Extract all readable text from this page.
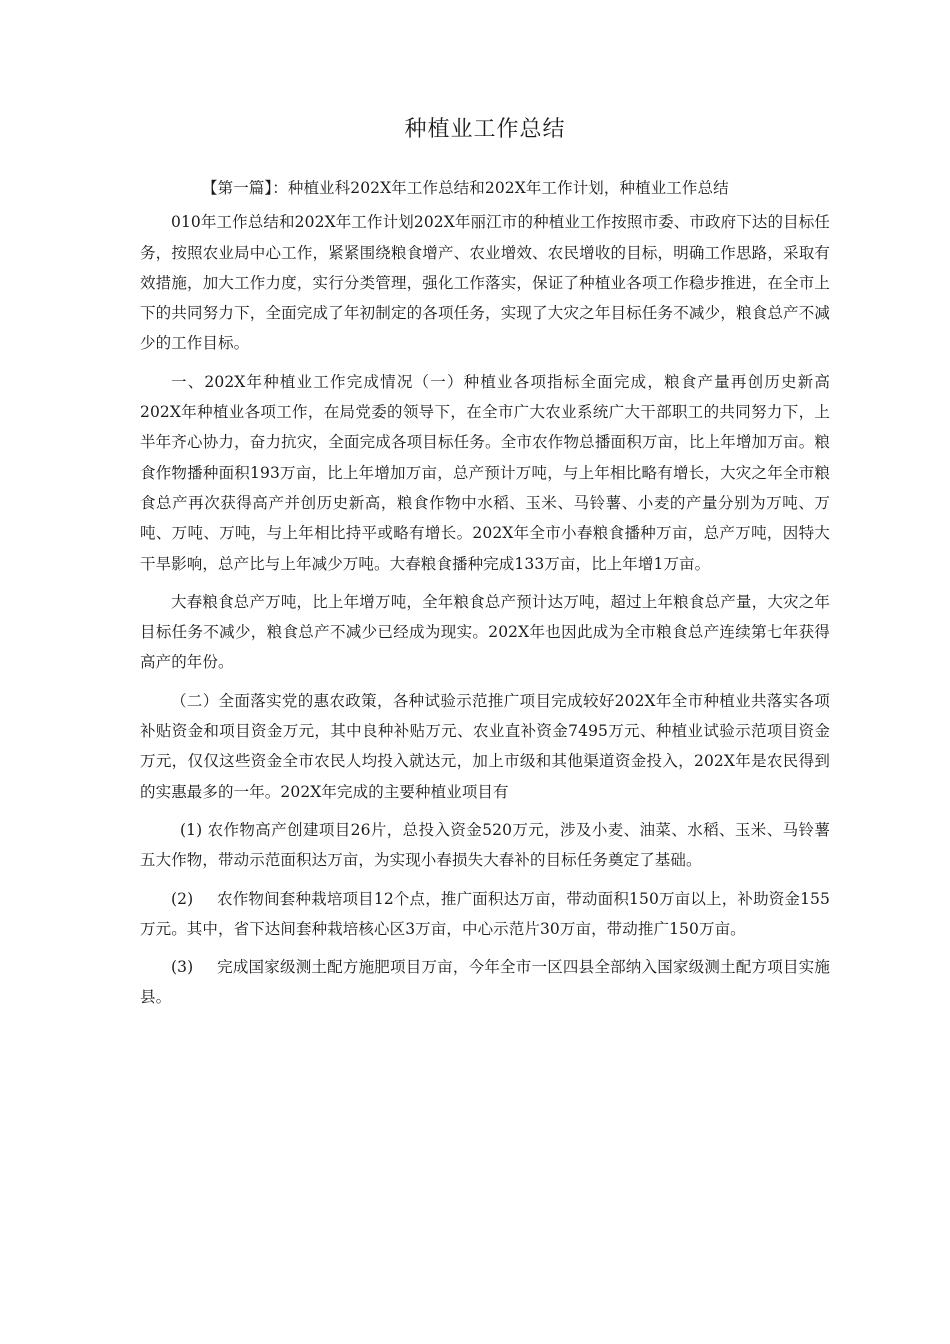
种植业工作总结

【第一篇】：种植业科202X年工作总结和202X年工作计划，种植业工作总结

010年工作总结和202X年工作计划202X年丽江市的种植业工作按照市委、市政府下达的目标任务，按照农业局中心工作，紧紧围绕粮食增产、农业增效、农民增收的目标，明确工作思路，采取有效措施，加大工作力度，实行分类管理，强化工作落实，保证了种植业各项工作稳步推进，在全市上下的共同努力下，全面完成了年初制定的各项任务，实现了大灾之年目标任务不减少，粮食总产不减少的工作目标。

一、202X年种植业工作完成情况（一）种植业各项指标全面完成，粮食产量再创历史新高202X年种植业各项工作，在局党委的领导下，在全市广大农业系统广大干部职工的共同努力下，上半年齐心协力，奋力抗灾，全面完成各项目标任务。全市农作物总播面积万亩，比上年增加万亩。粮食作物播种面积193万亩，比上年增加万亩，总产预计万吨，与上年相比略有增长，大灾之年全市粮食总产再次获得高产并创历史新高，粮食作物中水稻、玉米、马铃薯、小麦的产量分别为万吨、万吨、万吨、万吨，与上年相比持平或略有增长。202X年全市小春粮食播种万亩，总产万吨，因特大干旱影响，总产比与上年减少万吨。大春粮食播种完成133万亩，比上年增1万亩。

大春粮食总产万吨，比上年增万吨，全年粮食总产预计达万吨，超过上年粮食总产量，大灾之年目标任务不减少，粮食总产不减少已经成为现实。202X年也因此成为全市粮食总产连续第七年获得高产的年份。

（二）全面落实党的惠农政策，各种试验示范推广项目完成较好202X年全市种植业共落实各项补贴资金和项目资金万元，其中良种补贴万元、农业直补资金7495万元、种植业试验示范项目资金万元，仅仅这些资金全市农民人均投入就达元，加上市级和其他渠道资金投入，202X年是农民得到的实惠最多的一年。202X年完成的主要种植业项目有

(1) 农作物高产创建项目26片，总投入资金520万元，涉及小麦、油菜、水稻、玉米、马铃薯五大作物，带动示范面积达万亩，为实现小春损失大春补的目标任务奠定了基础。

(2) 农作物间套种栽培项目12个点，推广面积达万亩，带动面积150万亩以上，补助资金155万元。其中，省下达间套种栽培核心区3万亩，中心示范片30万亩，带动推广150万亩。

(3) 完成国家级测土配方施肥项目万亩，今年全市一区四县全部纳入国家级测土配方项目实施县。
